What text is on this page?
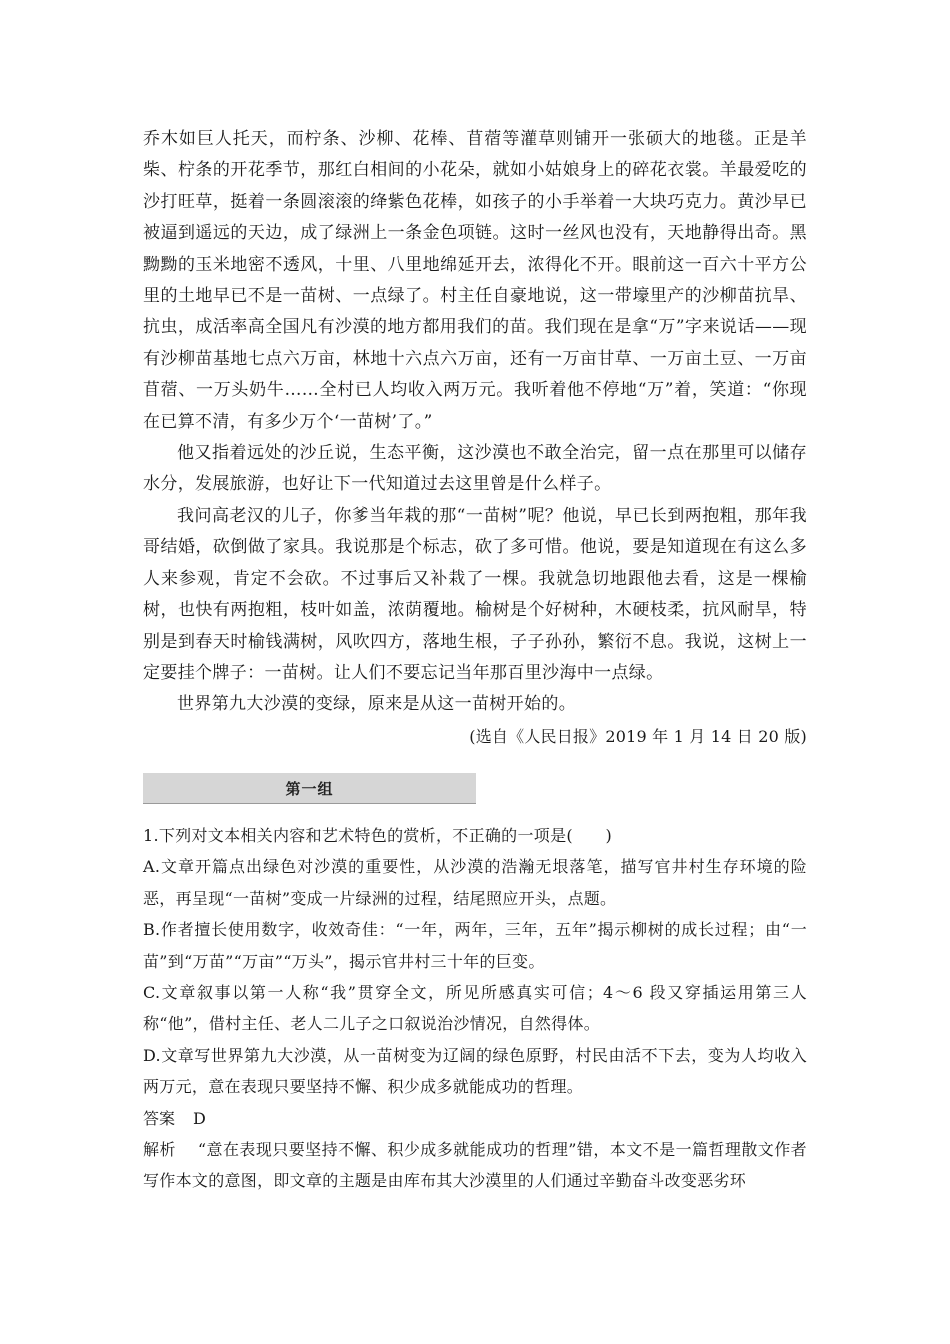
乔木如巨人托天，而柠条、沙柳、花棒、苜蓿等灌草则铺开一张硕大的地毯。正是羊柴、柠条的开花季节，那红白相间的小花朵，就如小姑娘身上的碎花衣裳。羊最爱吃的沙打旺草，挺着一条圆滚滚的绛紫色花棒，如孩子的小手举着一大块巧克力。黄沙早已被逼到遥远的天边，成了绿洲上一条金色项链。这时一丝风也没有，天地静得出奇。黑黝黝的玉米地密不透风，十里、八里地绵延开去，浓得化不开。眼前这一百六十平方公里的土地早已不是一苗树、一点绿了。村主任自豪地说，这一带壕里产的沙柳苗抗旱、抗虫，成活率高全国凡有沙漠的地方都用我们的苗。我们现在是拿“万”字来说话——现有沙柳苗基地七点六万亩，林地十六点六万亩，还有一万亩甘草、一万亩土豆、一万亩苜蓿、一万头奶牛……全村已人均收入两万元。我听着他不停地“万”着，笑道：“你现在已算不清，有多少万个‘一苗树’了。”

他又指着远处的沙丘说，生态平衡，这沙漠也不敢全治完，留一点在那里可以储存水分，发展旅游，也好让下一代知道过去这里曾是什么样子。

我问高老汉的儿子，你爹当年栽的那“一苗树”呢？他说，早已长到两抱粗，那年我哥结婚，砍倒做了家具。我说那是个标志，砍了多可惜。他说，要是知道现在有这么多人来参观，肯定不会砍。不过事后又补栽了一棵。我就急切地跟他去看，这是一棵榆树，也快有两抱粗，枝叶如盖，浓荫覆地。榆树是个好树种，木硬枝柔，抗风耐旱，特别是到春天时榆钱满树，风吹四方，落地生根，子子孙孙，繁衍不息。我说，这树上一定要挂个牌子：一苗树。让人们不要忘记当年那百里沙海中一点绿。

世界第九大沙漠的变绿，原来是从这一苗树开始的。

(选自《人民日报》2019 年 1 月 14 日 20 版)

第一组

1.下列对文本相关内容和艺术特色的赏析，不正确的一项是(　　)

A.文章开篇点出绿色对沙漠的重要性，从沙漠的浩瀚无垠落笔，描写官井村生存环境的险恶，再呈现“一苗树”变成一片绿洲的过程，结尾照应开头，点题。

B.作者擅长使用数字，收效奇佳：“一年，两年，三年，五年”揭示柳树的成长过程；由“一苗”到“万苗”“万亩”“万头”，揭示官井村三十年的巨变。

C.文章叙事以第一人称“我”贯穿全文，所见所感真实可信；4～6 段又穿插运用第三人称“他”，借村主任、老人二儿子之口叙说治沙情况，自然得体。

D.文章写世界第九大沙漠，从一苗树变为辽阔的绿色原野，村民由活不下去，变为人均收入两万元，意在表现只要坚持不懈、积少成多就能成功的哲理。

答案 D

解析 “意在表现只要坚持不懈、积少成多就能成功的哲理”错，本文不是一篇哲理散文作者写作本文的意图，即文章的主题是由库布其大沙漠里的人们通过辛勤奋斗改变恶劣环
